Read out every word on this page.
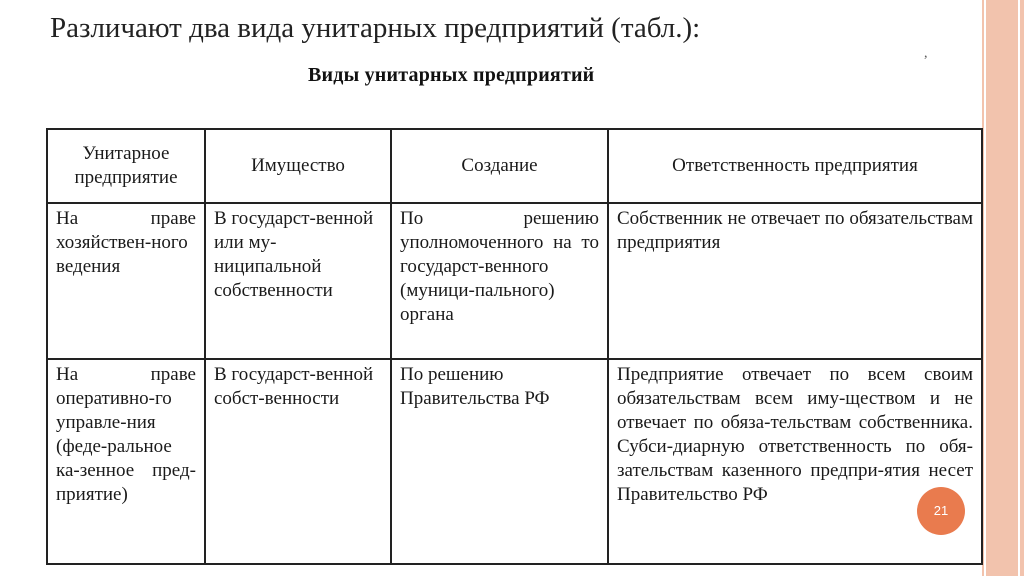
Различают два вида унитарных предприятий (табл.):
,
Виды унитарных предприятий
Унитарное предприятие	Имущество	Создание	Ответственность предприятия
На праве хозяйствен-ного ведения	В государст-венной или му-ниципальной собственности	По решению уполномоченного на то государст-венного (муници-пального) органа	Собственник не отвечает по обязательствам предприятия
На праве оперативно-го управле-ния (феде-ральное ка-зенное пред-приятие)	В государст-венной собст-венности	По решению Правительства РФ	Предприятие отвечает по всем своим обязательствам всем иму-ществом и не отвечает по обяза-тельствам собственника. Субси-диарную ответственность по обя-зательствам казенного предпри-ятия несет Правительство РФ
21
